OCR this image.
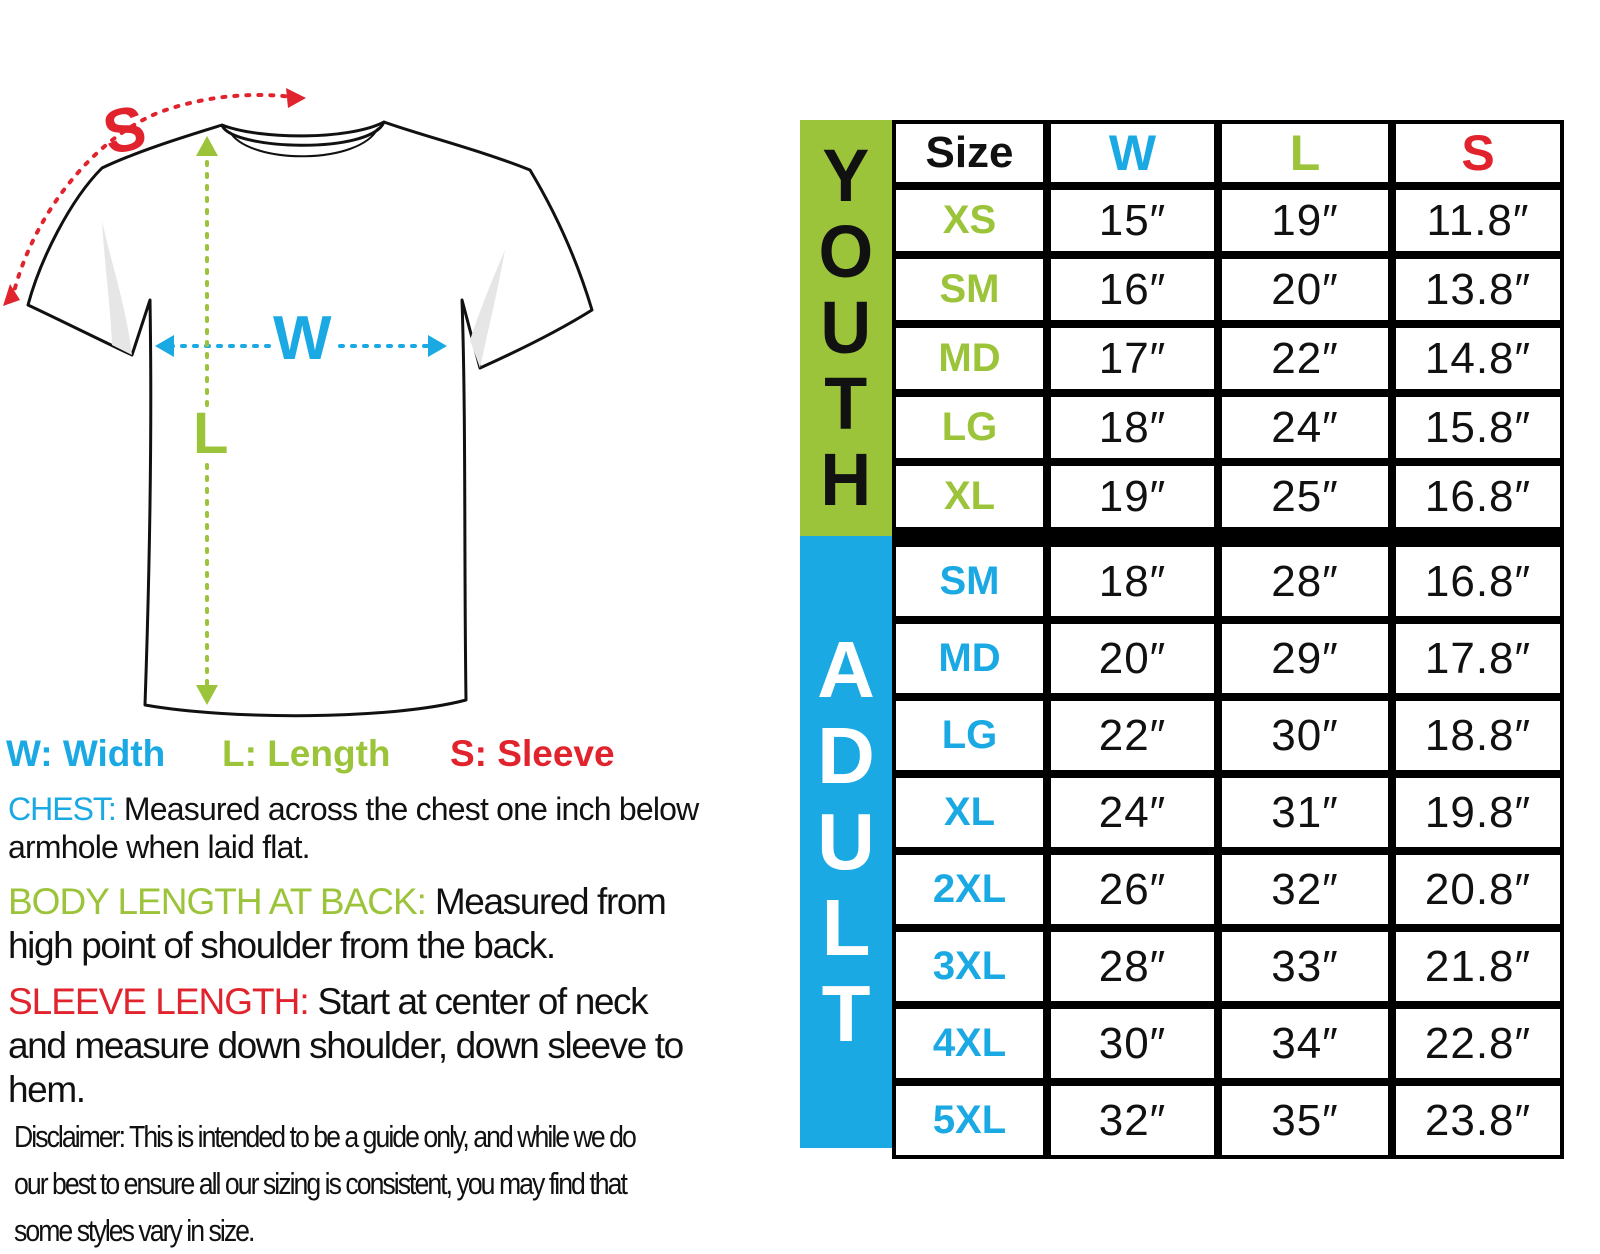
S
W
L
W: Width L: Length S: Sleeve
CHEST: Measured across the chest one inch below armhole when laid flat.
BODY LENGTH AT BACK: Measured from high point of shoulder from the back.
SLEEVE LENGTH: Start at center of neck and measure down shoulder, down sleeve to hem.
Disclaimer: This is intended to be a guide only, and while we do our best to ensure all our sizing is consistent, you may find that some styles vary in size.
Y
O
U
T
H
A
D
U
L
T
Size	W	L	S
XS	15″	19″	11.8″
SM	16″	20″	13.8″
MD	17″	22″	14.8″
LG	18″	24″	15.8″
XL	19″	25″	16.8″

SM	18″	28″	16.8″
MD	20″	29″	17.8″
LG	22″	30″	18.8″
XL	24″	31″	19.8″
2XL	26″	32″	20.8″
3XL	28″	33″	21.8″
4XL	30″	34″	22.8″
5XL	32″	35″	23.8″
